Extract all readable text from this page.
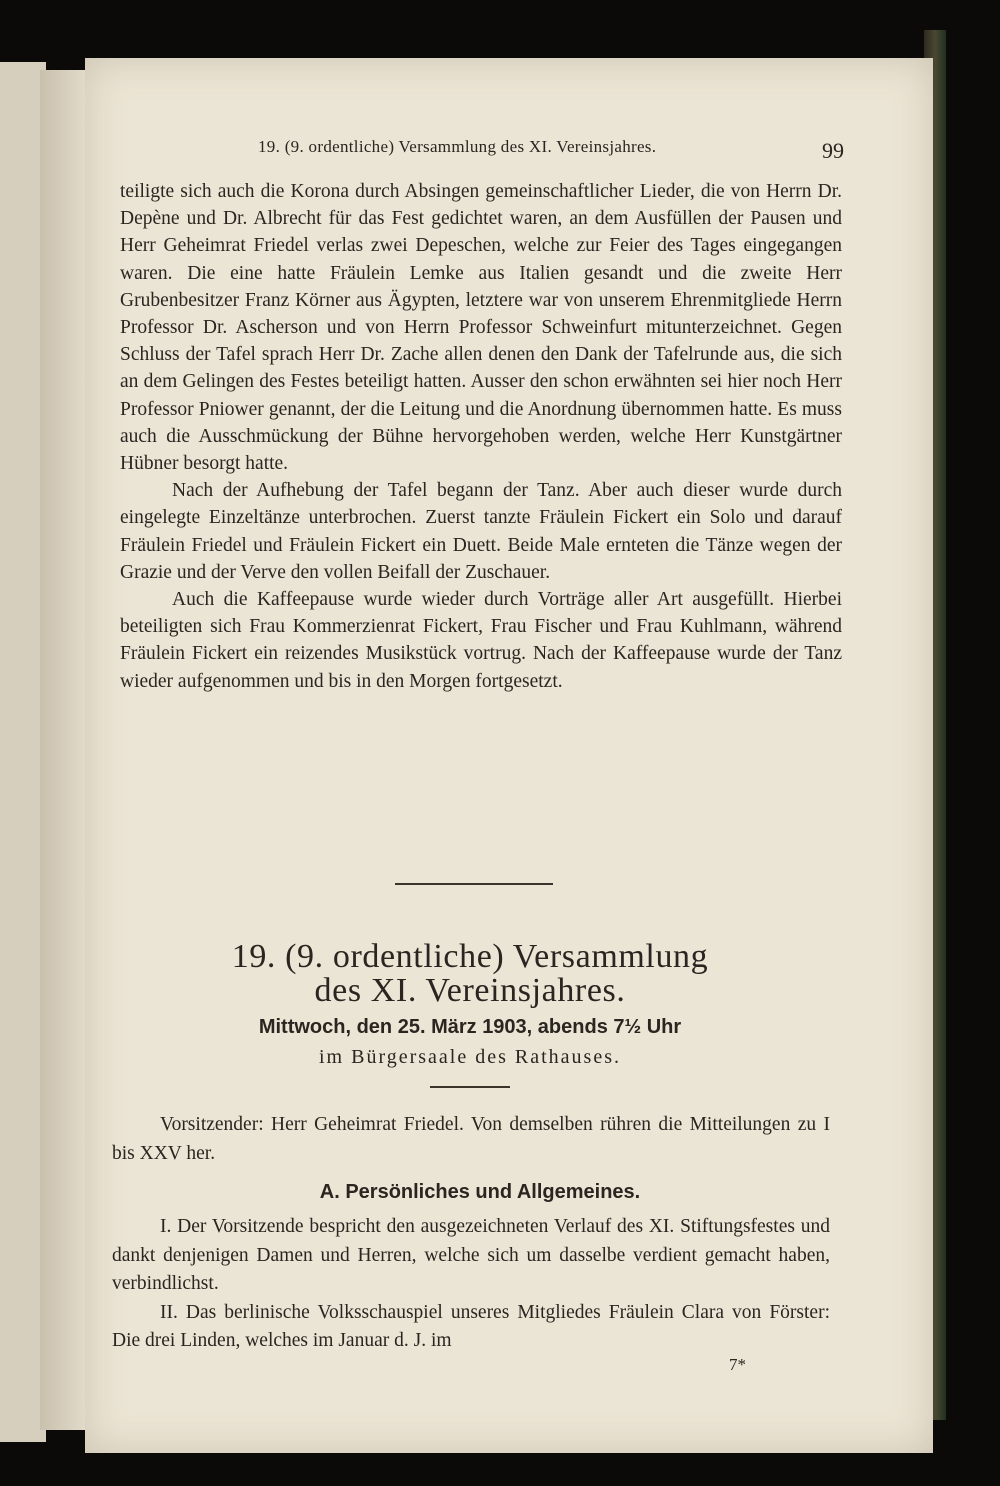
19. (9. ordentliche) Versammlung des XI. Vereinsjahres.	99

teiligte sich auch die Korona durch Absingen gemeinschaftlicher Lieder, die von Herrn Dr. Depène und Dr. Albrecht für das Fest gedichtet waren, an dem Ausfüllen der Pausen und Herr Geheimrat Friedel verlas zwei Depeschen, welche zur Feier des Tages eingegangen waren. Die eine hatte Fräulein Lemke aus Italien gesandt und die zweite Herr Grubenbesitzer Franz Körner aus Ägypten, letztere war von unserem Ehrenmitgliede Herrn Professor Dr. Ascherson und von Herrn Professor Schweinfurt mitunterzeichnet. Gegen Schluss der Tafel sprach Herr Dr. Zache allen denen den Dank der Tafelrunde aus, die sich an dem Gelingen des Festes beteiligt hatten. Ausser den schon erwähnten sei hier noch Herr Professor Pniower genannt, der die Leitung und die Anordnung übernommen hatte. Es muss auch die Ausschmückung der Bühne hervorgehoben werden, welche Herr Kunstgärtner Hübner besorgt hatte.

Nach der Aufhebung der Tafel begann der Tanz. Aber auch dieser wurde durch eingelegte Einzeltänze unterbrochen. Zuerst tanzte Fräulein Fickert ein Solo und darauf Fräulein Friedel und Fräulein Fickert ein Duett. Beide Male ernteten die Tänze wegen der Grazie und der Verve den vollen Beifall der Zuschauer.

Auch die Kaffeepause wurde wieder durch Vorträge aller Art ausgefüllt. Hierbei beteiligten sich Frau Kommerzienrat Fickert, Frau Fischer und Frau Kuhlmann, während Fräulein Fickert ein reizendes Musikstück vortrug. Nach der Kaffeepause wurde der Tanz wieder aufgenommen und bis in den Morgen fortgesetzt.

19. (9. ordentliche) Versammlung
des XI. Vereinsjahres.
Mittwoch, den 25. März 1903, abends 7½ Uhr
im Bürgersaale des Rathauses.

Vorsitzender: Herr Geheimrat Friedel. Von demselben rühren die Mitteilungen zu I bis XXV her.

A. Persönliches und Allgemeines.

I. Der Vorsitzende bespricht den ausgezeichneten Verlauf des XI. Stiftungsfestes und dankt denjenigen Damen und Herren, welche sich um dasselbe verdient gemacht haben, verbindlichst.

II. Das berlinische Volksschauspiel unseres Mitgliedes Fräulein Clara von Förster: Die drei Linden, welches im Januar d. J. im

7*
